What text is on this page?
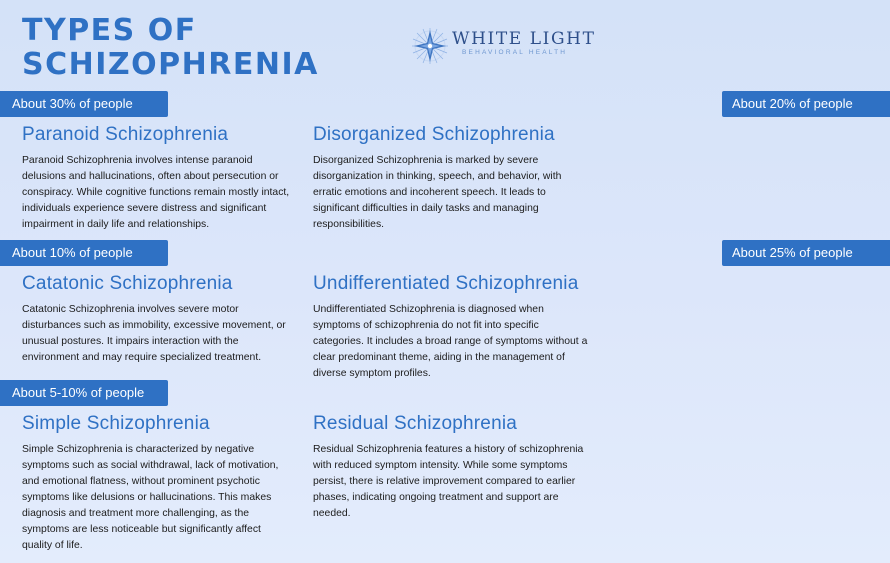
TYPES OF
SCHIZOPHRENIA
WHITE LIGHT
BEHAVIORAL HEALTH
About 30% of people
Paranoid Schizophrenia

Paranoid Schizophrenia involves intense paranoid delusions and hallucinations, often about persecution or conspiracy. While cognitive functions remain mostly intact, individuals experience severe distress and significant impairment in daily life and relationships.

About 20% of people
Disorganized Schizophrenia

Disorganized Schizophrenia is marked by severe disorganization in thinking, speech, and behavior, with erratic emotions and incoherent speech. It leads to significant difficulties in daily tasks and managing responsibilities.

About 10% of people
Catatonic Schizophrenia

Catatonic Schizophrenia involves severe motor disturbances such as immobility, excessive movement, or unusual postures. It impairs interaction with the environment and may require specialized treatment.

About 25% of people
Undifferentiated Schizophrenia

Undifferentiated Schizophrenia is diagnosed when symptoms of schizophrenia do not fit into specific categories. It includes a broad range of symptoms without a clear predominant theme, aiding in the management of diverse symptom profiles.

About 5-10% of people
Simple Schizophrenia

Simple Schizophrenia is characterized by negative symptoms such as social withdrawal, lack of motivation, and emotional flatness, without prominent psychotic symptoms like delusions or hallucinations. This makes diagnosis and treatment more challenging, as the symptoms are less noticeable but significantly affect quality of life.

Residual Schizophrenia

Residual Schizophrenia features a history of schizophrenia with reduced symptom intensity. While some symptoms persist, there is relative improvement compared to earlier phases, indicating ongoing treatment and support are needed.
